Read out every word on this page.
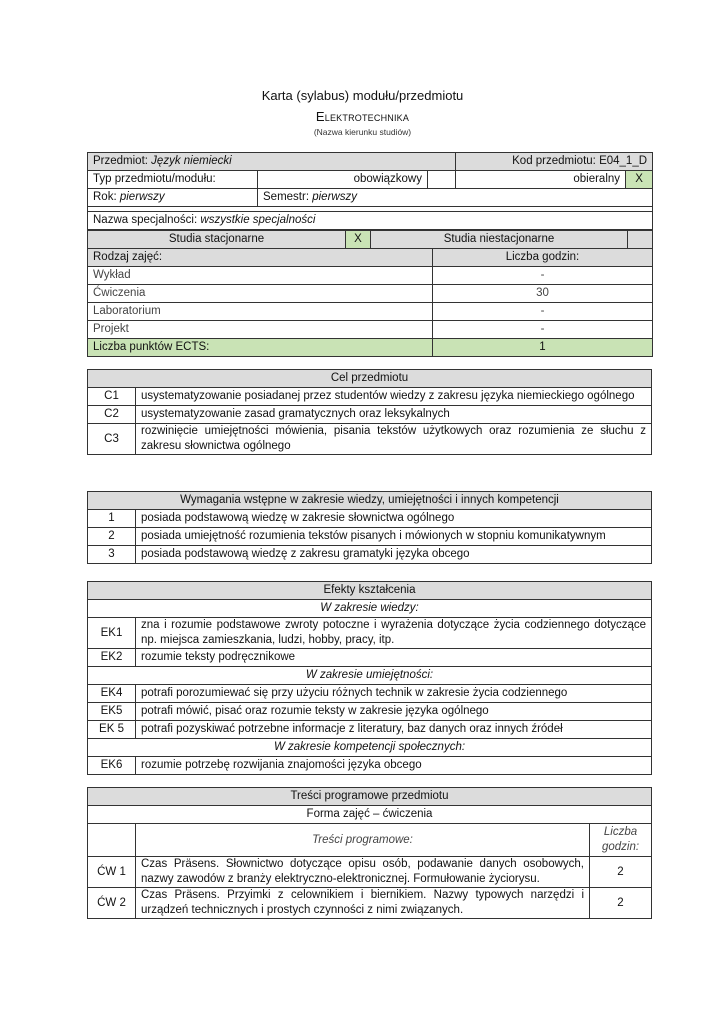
Karta (sylabus) modułu/przedmiotu
Elektrotechnika
(Nazwa kierunku studiów)
Przedmiot: Język niemiecki			Kod przedmiotu: E04_1_D	
Typ przedmiotu/modułu:	obowiązkowy		obieralny	X
Rok: pierwszy	Semestr: pierwszy			

Nazwa specjalności: wszystkie specjalności				
Studia stacjonarne	X	Studia niestacjonarne		
Rodzaj zajęć:			Liczba godzin:	
Wykład			-	
Ćwiczenia			30	
Laboratorium			-	
Projekt			-	
Liczba punktów ECTS:			1	
Cel przedmiotu	
C1	usystematyzowanie posiadanej przez studentów wiedzy z zakresu języka niemieckiego ogólnego
C2	usystematyzowanie zasad gramatycznych oraz leksykalnych
C3	rozwinięcie umiejętności mówienia, pisania tekstów użytkowych oraz rozumienia ze słuchu z zakresu słownictwa ogólnego
Wymagania wstępne w zakresie wiedzy, umiejętności i innych kompetencji	
1	posiada podstawową wiedzę w zakresie słownictwa ogólnego
2	posiada umiejętność rozumienia tekstów pisanych i mówionych w stopniu komunikatywnym
3	posiada podstawową wiedzę z zakresu gramatyki języka obcego
Efekty kształcenia	
W zakresie wiedzy:	
EK1	zna i rozumie podstawowe zwroty potoczne i wyrażenia dotyczące życia codziennego dotyczące np. miejsca zamieszkania, ludzi, hobby, pracy, itp.
EK2	rozumie teksty podręcznikowe
W zakresie umiejętności:	
EK4	potrafi porozumiewać się przy użyciu różnych technik w zakresie życia codziennego
EK5	potrafi mówić, pisać oraz rozumie teksty w zakresie języka ogólnego
EK 5	potrafi pozyskiwać potrzebne informacje z literatury, baz danych oraz innych źródeł
W zakresie kompetencji społecznych:	
EK6	rozumie potrzebę rozwijania znajomości języka obcego
Treści programowe przedmiotu		
Forma zajęć – ćwiczenia		
	Treści programowe:	Liczba godzin:
ĆW 1	Czas Präsens. Słownictwo dotyczące opisu osób, podawanie danych osobowych, nazwy zawodów z branży elektryczno-elektronicznej. Formułowanie życiorysu.	2
ĆW 2	Czas Präsens. Przyimki z celownikiem i biernikiem. Nazwy typowych narzędzi i urządzeń technicznych i prostych czynności z nimi związanych.	2
